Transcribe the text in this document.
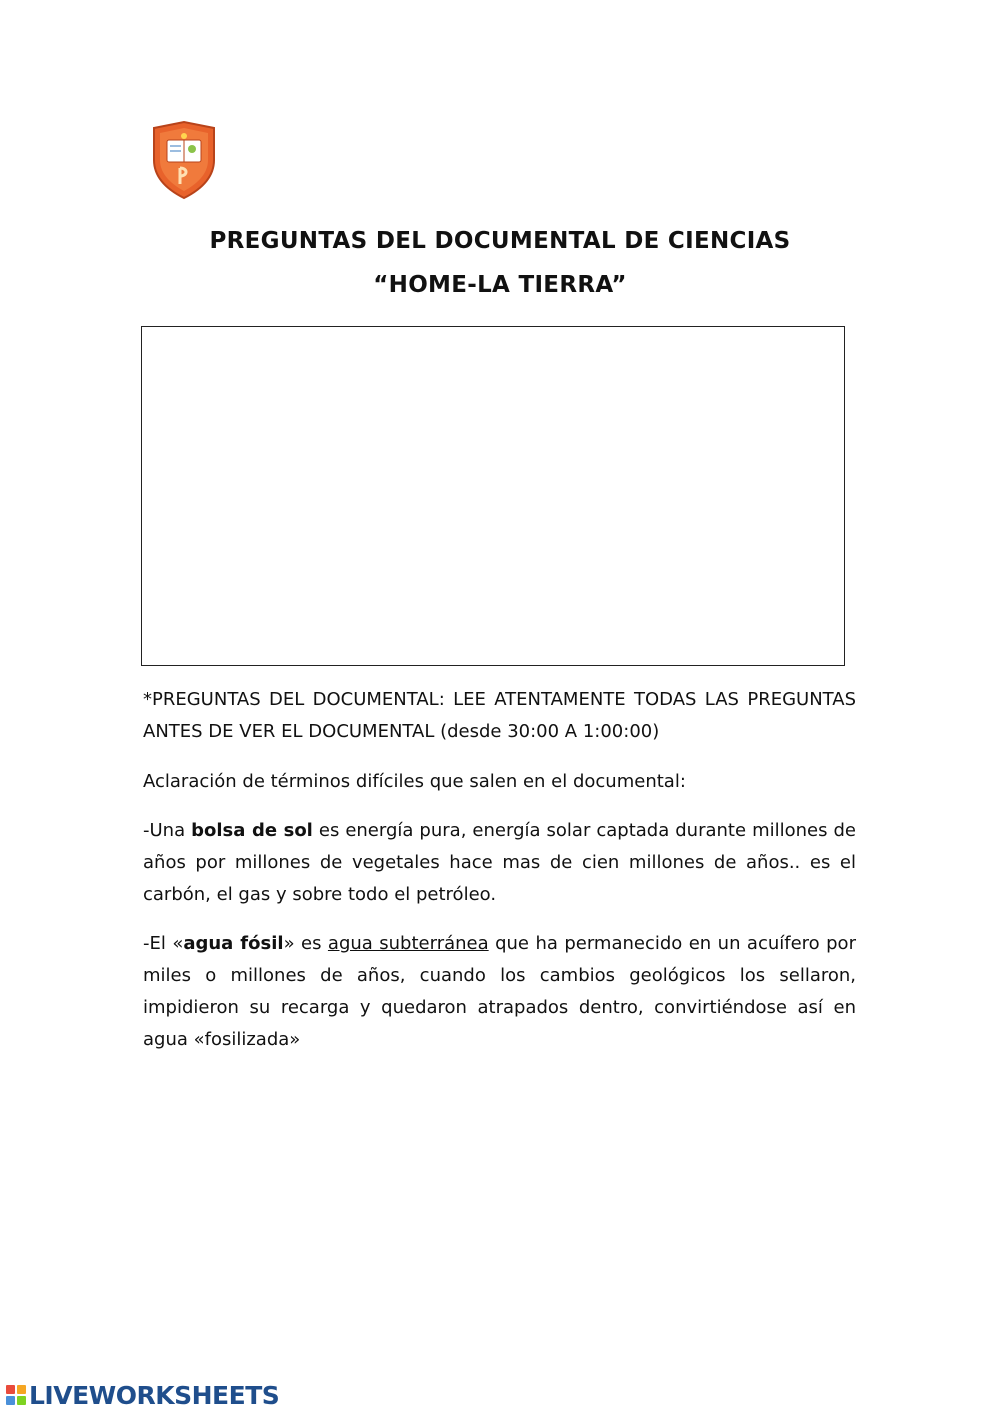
PREGUNTAS DEL DOCUMENTAL DE CIENCIAS
“HOME-LA TIERRA”
*PREGUNTAS DEL DOCUMENTAL: LEE ATENTAMENTE TODAS LAS PREGUNTAS ANTES DE VER EL DOCUMENTAL (desde 30:00 A 1:00:00)
Aclaración de términos difíciles que salen en el documental:
-Una bolsa de sol es energía pura, energía solar captada durante millones de años por millones de vegetales hace mas de cien millones de años.. es el carbón, el gas y sobre todo el petróleo.
-El «agua fósil» es agua subterránea que ha permanecido en un acuífero por miles o millones de años, cuando los cambios geológicos los sellaron, impidieron su recarga y quedaron atrapados dentro, convirtiéndose así en agua «fosilizada»
LIVEWORKSHEETS
